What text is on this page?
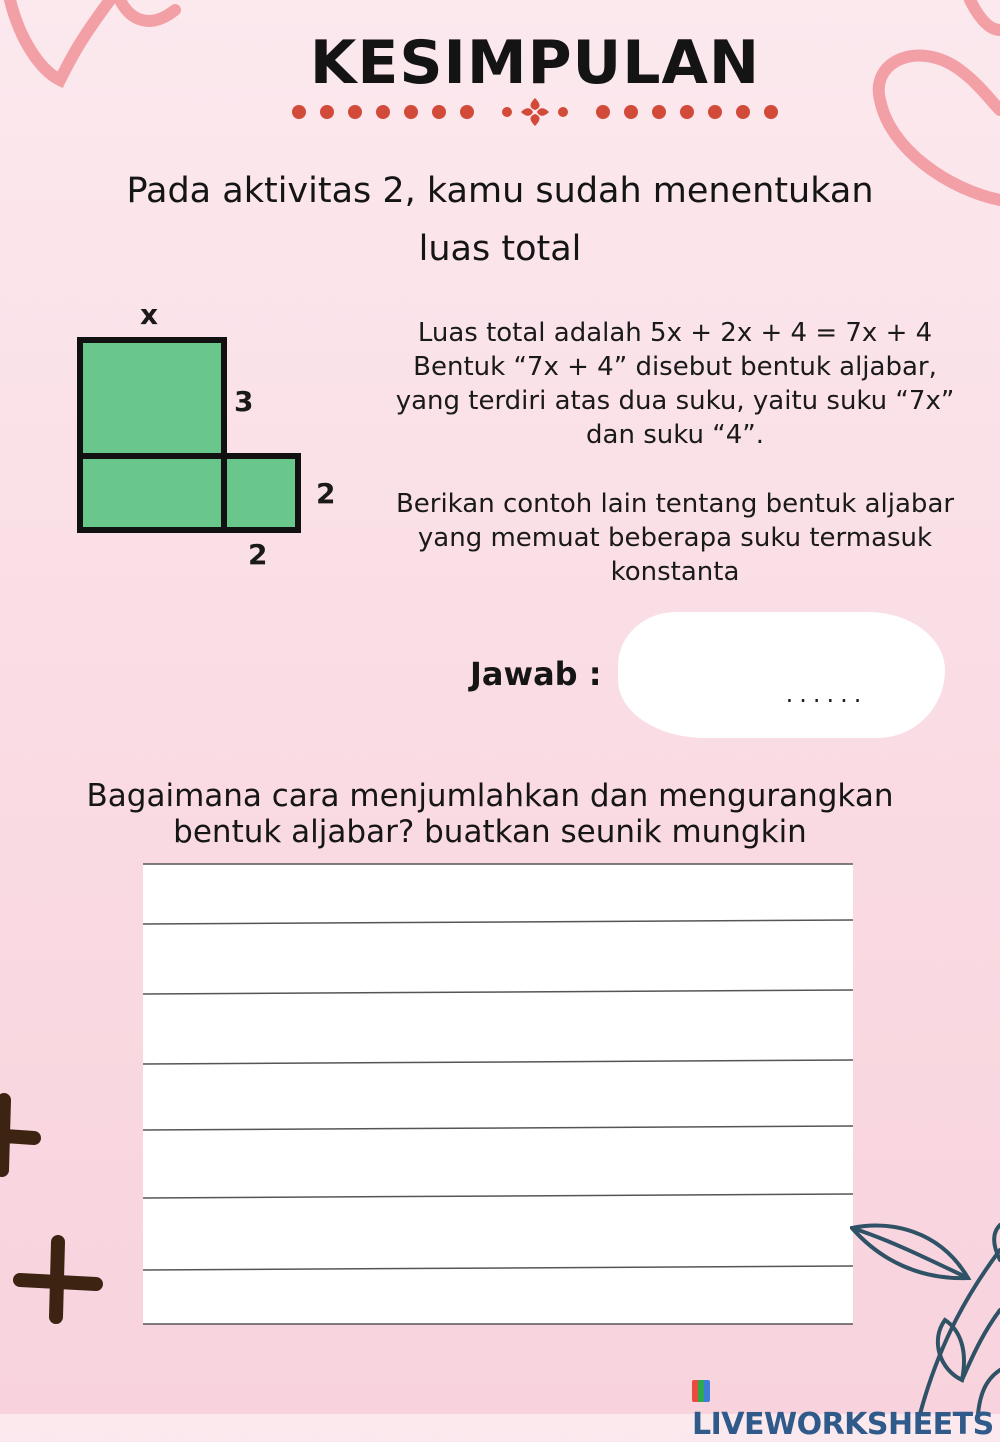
KESIMPULAN
Pada aktivitas 2, kamu sudah menentukan
luas total
x
3
2
2
Luas total adalah 5x + 2x + 4 = 7x + 4
Bentuk “7x + 4” disebut bentuk aljabar,
yang terdiri atas dua suku, yaitu suku “7x”
dan suku “4”.
Berikan contoh lain tentang bentuk aljabar
yang memuat beberapa suku termasuk
konstanta
Jawab :
......
Bagaimana cara menjumlahkan dan mengurangkan
bentuk aljabar? buatkan seunik mungkin
LIVEWORKSHEETS
